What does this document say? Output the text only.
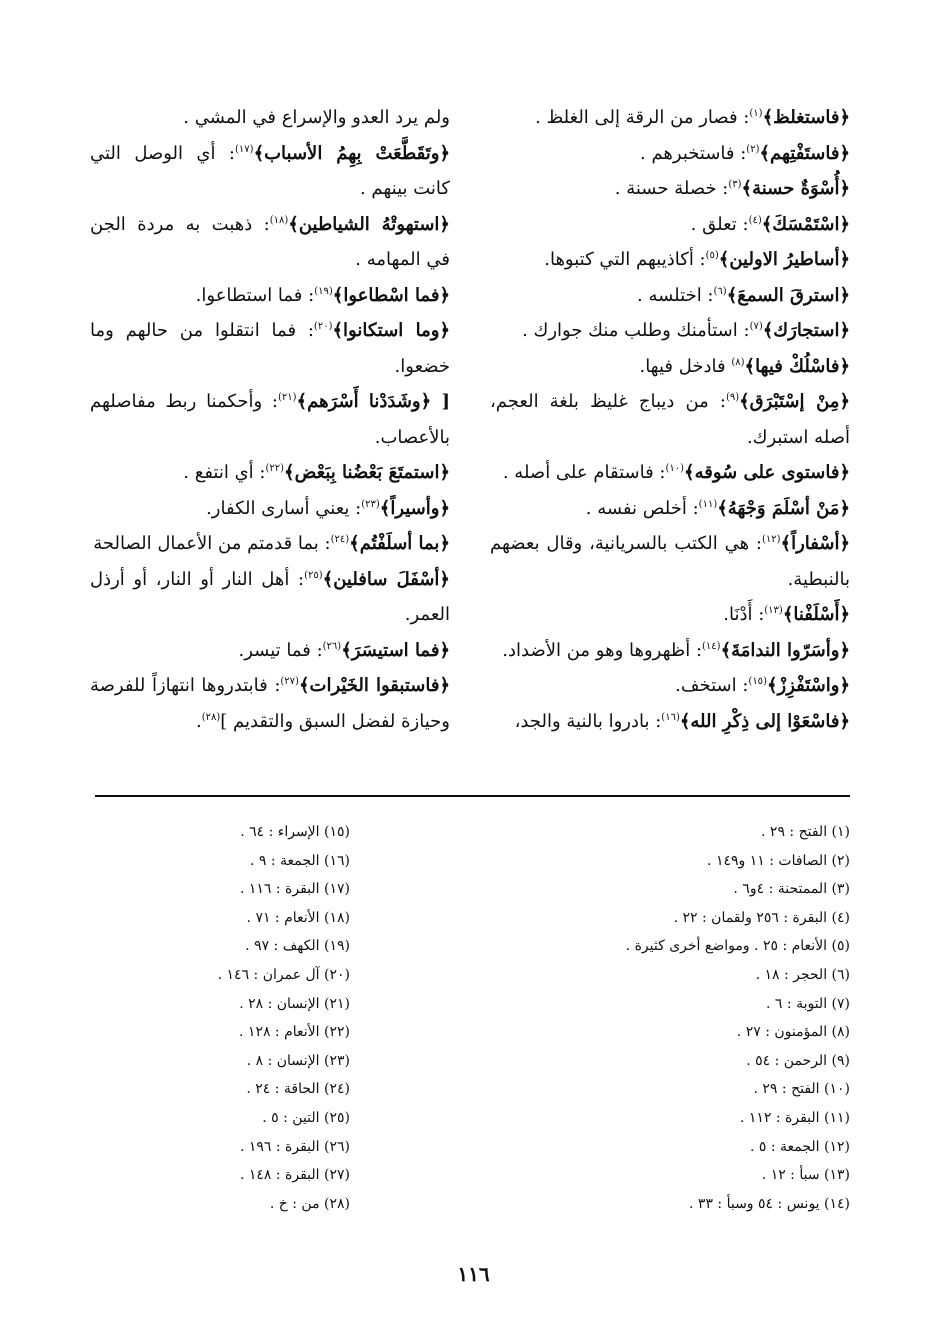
﴿فاستغلظ﴾$^{(١)}$: فصار من الرقة إلى الغلظ .

﴿فاستَفْتِهم﴾$^{(٢)}$: فاستخبرهم .

﴿أُسْوَةٌ حسنة﴾$^{(٣)}$: خصلة حسنة .

﴿اسْتَمْسَكَ﴾$^{(٤)}$: تعلق .

﴿أساطيرُ الاولين﴾$^{(٥)}$: أكاذيبهم التي كتبوها.

﴿استرقَ السمعَ﴾$^{(٦)}$: اختلسه .

﴿استجارَك﴾$^{(٧)}$: استأمنك وطلب منك جوارك .

﴿فاسْلُكْ فيها﴾$^{(٨)}$ فادخل فيها.

﴿مِنْ إسْتَبْرَق﴾$^{(٩)}$: من ديباج غليظ بلغة العجم، أصله استبرك.

﴿فاستوى على سُوقه﴾$^{(١٠)}$: فاستقام على أصله .

﴿مَنْ أسْلَمَ وَجْهَهُ﴾$^{(١١)}$: أخلص نفسه .

﴿أسْفاراً﴾$^{(١٢)}$: هي الكتب بالسريانية، وقال بعضهم بالنبطية.

﴿أَسْلَفْنا﴾$^{(١٣)}$: أَدْنَا.

﴿وأسَرّوا الندامَةَ﴾$^{(١٤)}$: أظهروها وهو من الأضداد.

﴿واسْتَفْزِزْ﴾$^{(١٥)}$: استخف.

﴿فاسْعَوْا إلى ذِكْرِ الله﴾$^{(١٦)}$: بادروا بالنية والجد،

ولم يرد العدو والإسراع في المشي .

﴿وتَقَطَّعَتْ بِهِمُ الأسباب﴾$^{(١٧)}$: أي الوصل التي كانت بينهم .

﴿استهوتْهُ الشياطين﴾$^{(١٨)}$: ذهبت به مردة الجن في المهامه .

﴿فما اسْطاعوا﴾$^{(١٩)}$: فما استطاعوا.

﴿وما استكانوا﴾$^{(٢٠)}$: فما انتقلوا من حالهم وما خضعوا.

[ ﴿وشَدَدْنا أَسْرَهم﴾$^{(٢١)}$: وأحكمنا ربط مفاصلهم بالأعصاب.

﴿استمتَعَ بَعْضُنا بِبَعْض﴾$^{(٢٢)}$: أي انتفع .

﴿وأسيراً﴾$^{(٢٣)}$: يعني أسارى الكفار.

﴿بما أسلَفْتُم﴾$^{(٢٤)}$: بما قدمتم من الأعمال الصالحة

﴿أسْفَلَ سافلين﴾$^{(٢٥)}$: أهل النار أو النار، أو أرذل العمر.

﴿فما استيسَرَ﴾$^{(٢٦)}$: فما تيسر.

﴿فاستبقوا الخَيْرات﴾$^{(٢٧)}$: فابتدروها انتهازاً للفرصة وحيازة لفضل السبق والتقديم ]$^{(٢٨)}$.

(١) الفتح : ٢٩ .

(٢) الصافات : ١١ و١٤٩ .

(٣) الممتحنة : ٤و٦ .

(٤) البقرة : ٢٥٦ ولقمان : ٢٢ .

(٥) الأنعام : ٢٥ . ومواضع أخرى كثيرة .

(٦) الحجر : ١٨ .

(٧) التوبة : ٦ .

(٨) المؤمنون : ٢٧ .

(٩) الرحمن : ٥٤ .

(١٠) الفتح : ٢٩ .

(١١) البقرة : ١١٢ .

(١٢) الجمعة : ٥ .

(١٣) سبأ : ١٢ .

(١٤) يونس : ٥٤ وسبأ : ٣٣ .

(١٥) الإسراء : ٦٤ .

(١٦) الجمعة : ٩ .

(١٧) البقرة : ١١٦ .

(١٨) الأنعام : ٧١ .

(١٩) الكهف : ٩٧ .

(٢٠) آل عمران : ١٤٦ .

(٢١) الإنسان : ٢٨ .

(٢٢) الأنعام : ١٢٨ .

(٢٣) الإنسان : ٨ .

(٢٤) الحاقة : ٢٤ .

(٢٥) التين : ٥ .

(٢٦) البقرة : ١٩٦ .

(٢٧) البقرة : ١٤٨ .

(٢٨) من : خ .

١١٦
